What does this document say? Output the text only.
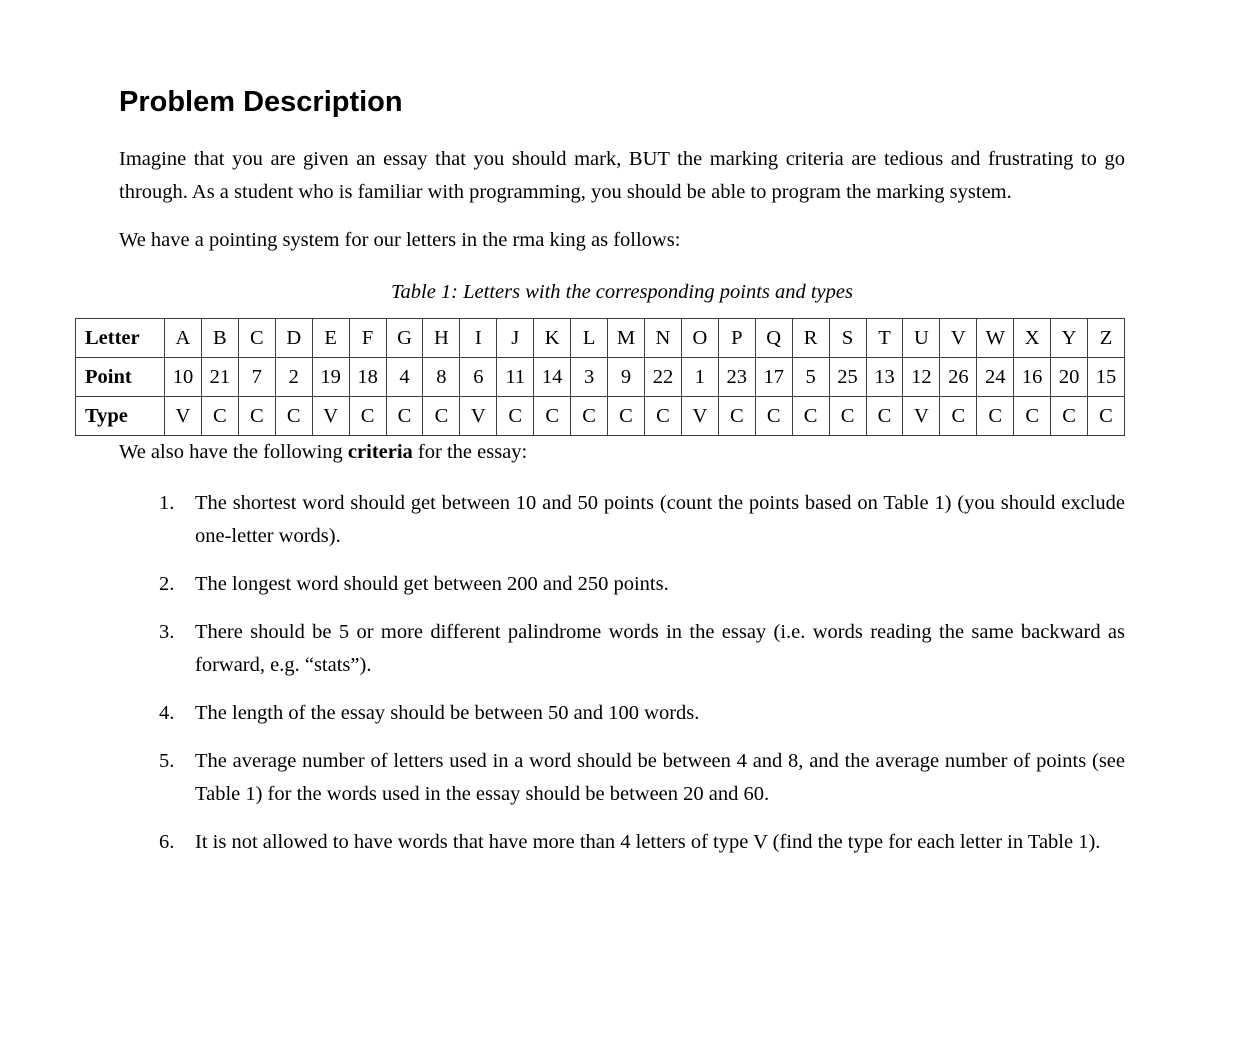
Problem Description

Imagine that you are given an essay that you should mark, BUT the marking criteria are tedious and frustrating to go through. As a student who is familiar with programming, you should be able to program the marking system.

We have a pointing system for our letters in the rma king as follows:

Table 1: Letters with the corresponding points and types
Letter	A	B	C	D	E	F	G	H	I	J	K	L	M	N	O	P	Q	R	S	T	U	V	W	X	Y	Z
Point	10	21	7	2	19	18	4	8	6	11	14	3	9	22	1	23	17	5	25	13	12	26	24	16	20	15
Type	V	C	C	C	V	C	C	C	V	C	C	C	C	C	V	C	C	C	C	C	V	C	C	C	C	C

We also have the following criteria for the essay:

1.	The shortest word should get between 10 and 50 points (count the points based on Table 1) (you should exclude one-letter words).
2.	The longest word should get between 200 and 250 points.
3.	There should be 5 or more different palindrome words in the essay (i.e. words reading the same backward as forward, e.g. “stats”).
4.	The length of the essay should be between 50 and 100 words.
5.	The average number of letters used in a word should be between 4 and 8, and the average number of points (see Table 1) for the words used in the essay should be between 20 and 60.
6.	It is not allowed to have words that have more than 4 letters of type V (find the type for each letter in Table 1).
